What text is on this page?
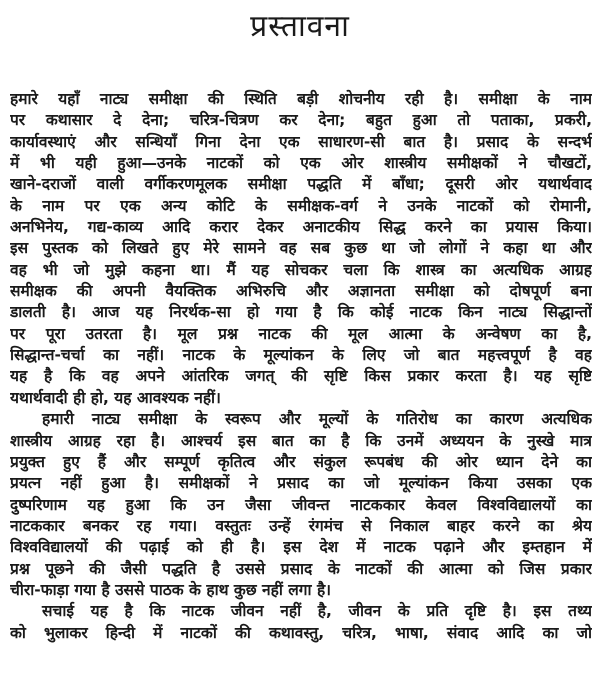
प्रस्तावना
हमारे यहाँ नाट्य समीक्षा की स्थिति बड़ी शोचनीय रही है। समीक्षा के नाम
पर कथासार दे देना; चरित्र-चित्रण कर देना; बहुत हुआ तो पताका, प्रकरी,
कार्यावस्थाएं और सन्धियाँ गिना देना एक साधारण-सी बात है। प्रसाद के सन्दर्भ
में भी यही हुआ—उनके नाटकों को एक ओर शास्त्रीय समीक्षकों ने चौखटों,
खाने-दराजों वाली वर्गीकरणमूलक समीक्षा पद्धति में बाँधा; दूसरी ओर यथार्थवाद
के नाम पर एक अन्य कोटि के समीक्षक-वर्ग ने उनके नाटकों को रोमानी,
अनभिनेय, गद्य-काव्य आदि करार देकर अनाटकीय सिद्ध करने का प्रयास किया।
इस पुस्तक को लिखते हुए मेरे सामने वह सब कुछ था जो लोगों ने कहा था और
वह भी जो मुझे कहना था। मैं यह सोचकर चला कि शास्त्र का अत्यधिक आग्रह
समीक्षक की अपनी वैयक्तिक अभिरुचि और अज्ञानता समीक्षा को दोषपूर्ण बना
डालती है। आज यह निरर्थक-सा हो गया है कि कोई नाटक किन नाट्य सिद्धान्तों
पर पूरा उतरता है। मूल प्रश्न नाटक की मूल आत्मा के अन्वेषण का है,
सिद्धान्त-चर्चा का नहीं। नाटक के मूल्यांकन के लिए जो बात महत्त्वपूर्ण है वह
यह है कि वह अपने आंतरिक जगत् की सृष्टि किस प्रकार करता है। यह सृष्टि
यथार्थवादी ही हो, यह आवश्यक नहीं।
हमारी नाट्य समीक्षा के स्वरूप और मूल्यों के गतिरोध का कारण अत्यधिक
शास्त्रीय आग्रह रहा है। आश्चर्य इस बात का है कि उनमें अध्ययन के नुस्खे मात्र
प्रयुक्त हुए हैं और सम्पूर्ण कृतित्व और संकुल रूपबंध की ओर ध्यान देने का
प्रयत्न नहीं हुआ है। समीक्षकों ने प्रसाद का जो मूल्यांकन किया उसका एक
दुष्परिणाम यह हुआ कि उन जैसा जीवन्त नाटककार केवल विश्वविद्यालयों का
नाटककार बनकर रह गया। वस्तुतः उन्हें रंगमंच से निकाल बाहर करने का श्रेय
विश्वविद्यालयों की पढ़ाई को ही है। इस देश में नाटक पढ़ाने और इम्तहान में
प्रश्न पूछने की जैसी पद्धति है उससे प्रसाद के नाटकों की आत्मा को जिस प्रकार
चीरा-फाड़ा गया है उससे पाठक के हाथ कुछ नहीं लगा है।
सचाई यह है कि नाटक जीवन नहीं है, जीवन के प्रति दृष्टि है। इस तथ्य
को भुलाकर हिन्दी में नाटकों की कथावस्तु, चरित्र, भाषा, संवाद आदि का जो
